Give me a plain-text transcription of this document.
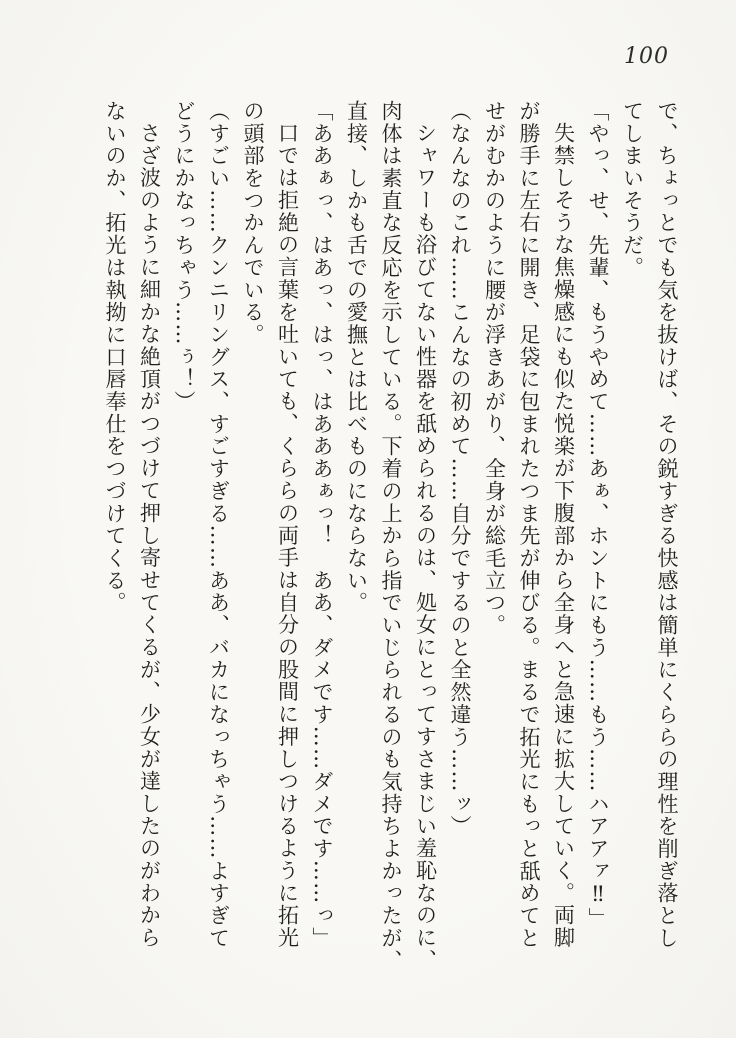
100

で、ちょっとでも気を抜けば、その鋭すぎる快感は簡単にくららの理性を削ぎ落とし

てしまいそうだ。

「やっ、せ、先輩、もうやめて……あぁ、ホントにもう……もう……ハアアァ‼」

失禁しそうな焦燥感にも似た悦楽が下腹部から全身へと急速に拡大していく。両脚

が勝手に左右に開き、足袋に包まれたつま先が伸びる。まるで拓光にもっと舐めてと

せがむかのように腰が浮きあがり、全身が総毛立つ。

（なんなのこれ……こんなの初めて……自分でするのと全然違う……ッ）

シャワーも浴びてない性器を舐められるのは、処女にとってすさまじい羞恥なのに、

肉体は素直な反応を示している。下着の上から指でいじられるのも気持ちよかったが、

直接、しかも舌での愛撫とは比べものにならない。

「ああぁっ、はあっ、はっ、はあああぁっ！　ああ、ダメです……ダメです……っ」

口では拒絶の言葉を吐いても、くららの両手は自分の股間に押しつけるように拓光

の頭部をつかんでいる。

（すごい……クンニリングス、すごすぎる……ああ、バカになっちゃう……よすぎて

どうにかなっちゃう……ぅ！）

さざ波のように細かな絶頂がつづけて押し寄せてくるが、少女が達したのがわから

ないのか、拓光は執拗に口唇奉仕をつづけてくる。
